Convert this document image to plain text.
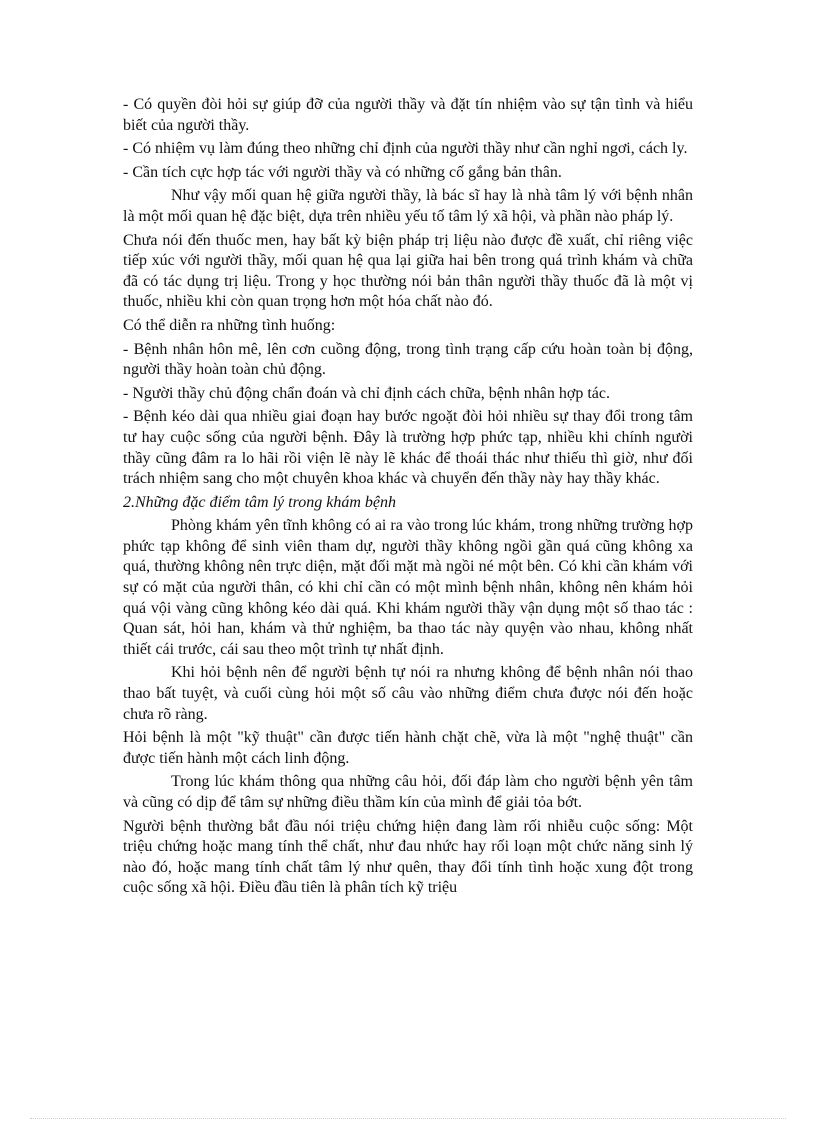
- Có quyền đòi hỏi sự giúp đỡ của người thầy và đặt tín nhiệm vào sự tận tình và hiểu biết của người thầy.

- Có nhiệm vụ làm đúng theo những chỉ định của người thầy như cần nghỉ ngơi, cách ly.

- Cần tích cực hợp tác với người thầy và có những cố gắng bản thân.

Như vậy mối quan hệ giữa người thầy, là bác sĩ hay là nhà tâm lý với bệnh nhân là một mối quan hệ đặc biệt, dựa trên nhiều yếu tố tâm lý xã hội, và phần nào pháp lý.

Chưa nói đến thuốc men, hay bất kỳ biện pháp trị liệu nào được đề xuất, chỉ riêng việc tiếp xúc với người thầy, mối quan hệ qua lại giữa hai bên trong quá trình khám và chữa đã có tác dụng trị liệu. Trong y học thường nói bản thân người thầy thuốc đã là một vị thuốc, nhiều khi còn quan trọng hơn một hóa chất nào đó.

Có thể diễn ra những tình huống:

- Bệnh nhân hôn mê, lên cơn cuồng động, trong tình trạng cấp cứu hoàn toàn bị động, người thầy hoàn toàn chủ động.

- Người thầy chủ động chẩn đoán và chỉ định cách chữa, bệnh nhân hợp tác.

- Bệnh kéo dài qua nhiều giai đoạn hay bước ngoặt đòi hỏi nhiều sự thay đổi trong tâm tư hay cuộc sống của người bệnh. Đây là trường hợp phức tạp, nhiều khi chính người thầy cũng đâm ra lo hãi rồi viện lẽ này lẽ khác để thoái thác như thiếu thì giờ, như đối trách nhiệm sang cho một chuyên khoa khác và chuyển đến thầy này hay thầy khác.

2.Những đặc điểm tâm lý trong khám bệnh

Phòng khám yên tĩnh không có ai ra vào trong lúc khám, trong những trường hợp phức tạp không để sinh viên tham dự, người thầy không ngồi gần quá cũng không xa quá, thường không nên trực diện, mặt đối mặt mà ngồi né một bên. Có khi cần khám với sự có mặt của người thân, có khi chỉ cần có một mình bệnh nhân, không nên khám hỏi quá vội vàng cũng không kéo dài quá. Khi khám người thầy vận dụng một số thao tác : Quan sát, hỏi han, khám và thử nghiệm, ba thao tác này quyện vào nhau, không nhất thiết cái trước, cái sau theo một trình tự nhất định.

Khi hỏi bệnh nên để người bệnh tự nói ra nhưng không để bệnh nhân nói thao thao bất tuyệt, và cuối cùng hỏi một số câu vào những điểm chưa được nói đến hoặc chưa rõ ràng.

Hỏi bệnh là một "kỹ thuật" cần được tiến hành chặt chẽ, vừa là một "nghệ thuật" cần được tiến hành một cách linh động.

Trong lúc khám thông qua những câu hỏi, đối đáp làm cho người bệnh yên tâm và cũng có dịp để tâm sự những điều thầm kín của mình để giải tỏa bớt.

Người bệnh thường bắt đầu nói triệu chứng hiện đang làm rối nhiễu cuộc sống: Một triệu chứng hoặc mang tính thể chất, như đau nhức hay rối loạn một chức năng sinh lý nào đó, hoặc mang tính chất tâm lý như quên, thay đổi tính tình hoặc xung đột trong cuộc sống xã hội. Điều đầu tiên là phân tích kỹ triệu
